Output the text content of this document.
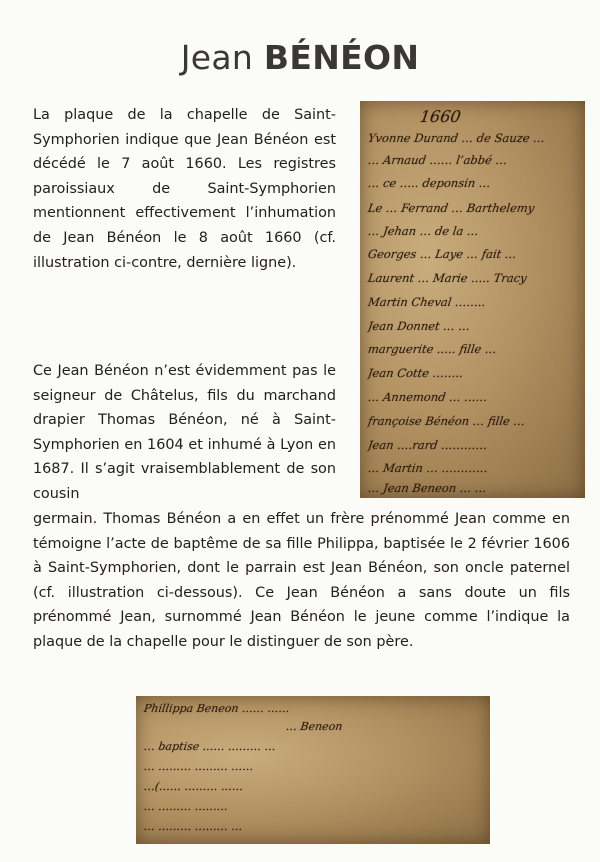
Jean BÉNÉON
La plaque de la chapelle de Saint-Symphorien indique que Jean Bénéon est décédé le 7 août 1660. Les registres paroissiaux de Saint-Symphorien mentionnent effectivement l’inhumation de Jean Bénéon le 8 août 1660 (cf. illustration ci-contre, dernière ligne).
Ce Jean Bénéon n’est évidemment pas le seigneur de Châtelus, fils du marchand drapier Thomas Bénéon, né à Saint-Symphorien en 1604 et inhumé à Lyon en 1687. Il s’agit vraisemblablement de son cousin
germain. Thomas Bénéon a en effet un frère prénommé Jean comme en témoigne l’acte de baptême de sa fille Philippa, baptisée le 2 février 1606 à Saint-Symphorien, dont le parrain est Jean Bénéon, son oncle paternel (cf. illustration ci-dessous). Ce Jean Bénéon a sans doute un fils prénommé Jean, surnommé Jean Bénéon le jeune comme l’indique la plaque de la chapelle pour le distinguer de son père.
1660
Yvonne Durand … de Sauze …
… Arnaud …… l’abbé …
… ce ….. deponsin …
Le … Ferrand … Barthelemy
… Jehan … de la …
Georges … Laye … fait …
Laurent … Marie ….. Tracy
Martin Cheval ……..
Jean Donnet … …
marguerite ….. fille …
Jean Cotte ……..
… Annemond … ……
françoise Bénéon … fille …
Jean ….rard …………
… Martin … …………
… Jean Beneon … …
Phillippa Beneon …… ……
… Beneon
… baptise …… ……… …
… ……… ……… ……
…(…… ……… ……
… ……… ………
… ……… ……… …
